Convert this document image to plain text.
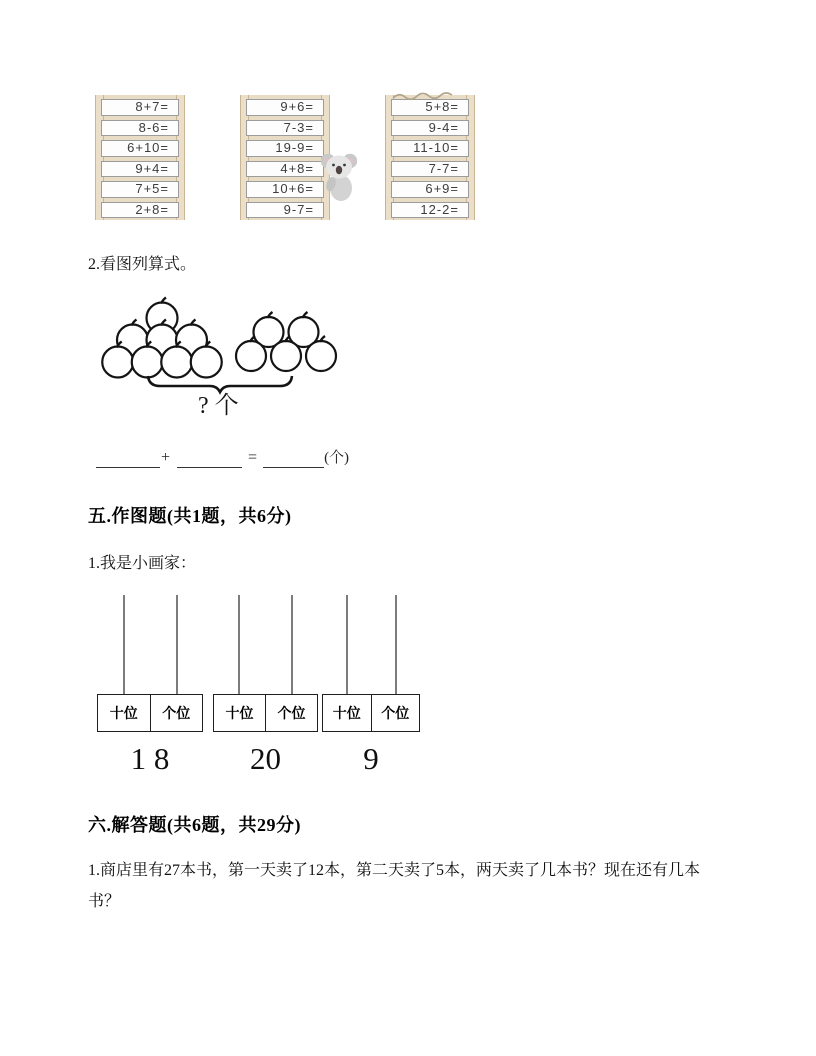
8+7=
8-6=
6+10=
9+4=
7+5=
2+8=
9+6=
7-3=
19-9=
4+8=
10+6=
9-7=
5+8=
9-4=
11-10=
7-7=
6+9=
12-2=

2.看图列算式。

? 个
+	=	(个)
五.作图题(共1题，共6分)

1.我是小画家：

十位	个位
1 8
十位	个位
20
十位	个位
9
六.解答题(共6题，共29分)

1.商店里有27本书，第一天卖了12本，第二天卖了5本，两天卖了几本书？现在还有几本书？
